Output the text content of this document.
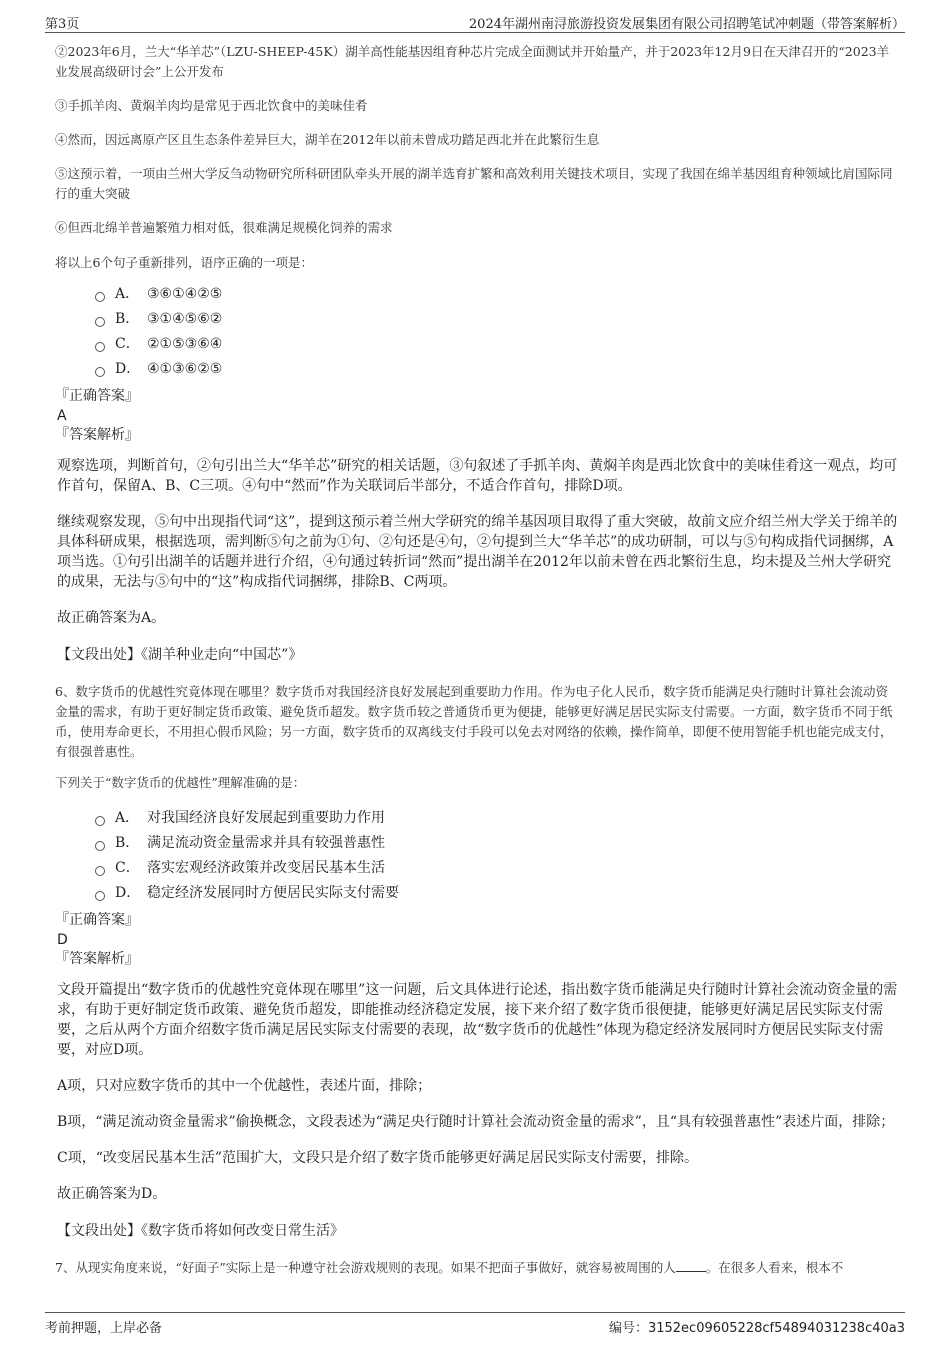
第3页	2024年湖州南浔旅游投资发展集团有限公司招聘笔试冲刺题（带答案解析）

②2023年6月，兰大“华羊芯”（LZU-SHEEP-45K）湖羊高性能基因组育种芯片完成全面测试并开始量产，并于2023年12月9日在天津召开的“2023羊业发展高级研讨会”上公开发布

③手抓羊肉、黄焖羊肉均是常见于西北饮食中的美味佳肴

④然而，因远离原产区且生态条件差异巨大，湖羊在2012年以前未曾成功踏足西北并在此繁衍生息

⑤这预示着，一项由兰州大学反刍动物研究所科研团队牵头开展的湖羊选育扩繁和高效利用关键技术项目，实现了我国在绵羊基因组育种领域比肩国际同行的重大突破

⑥但西北绵羊普遍繁殖力相对低，很难满足规模化饲养的需求

将以上6个句子重新排列，语序正确的一项是：
A． ③⑥①④②⑤
B． ③①④⑤⑥②
C． ②①⑤③⑥④
D． ④①③⑥②⑤
『正确答案』
A
『答案解析』
观察选项，判断首句，②句引出兰大“华羊芯”研究的相关话题，③句叙述了手抓羊肉、黄焖羊肉是西北饮食中的美味佳肴这一观点，均可作首句，保留A、B、C三项。④句中“然而”作为关联词后半部分，不适合作首句，排除D项。
继续观察发现，⑤句中出现指代词“这”，提到这预示着兰州大学研究的绵羊基因项目取得了重大突破，故前文应介绍兰州大学关于绵羊的具体科研成果，根据选项，需判断⑤句之前为①句、②句还是④句，②句提到兰大“华羊芯”的成功研制，可以与⑤句构成指代词捆绑，A项当选。①句引出湖羊的话题并进行介绍，④句通过转折词“然而”提出湖羊在2012年以前未曾在西北繁衍生息，均未提及兰州大学研究的成果，无法与⑤句中的“这”构成指代词捆绑，排除B、C两项。
故正确答案为A。
【文段出处】《湖羊种业走向“中国芯”》

6、数字货币的优越性究竟体现在哪里？数字货币对我国经济良好发展起到重要助力作用。作为电子化人民币，数字货币能满足央行随时计算社会流动资金量的需求，有助于更好制定货币政策、避免货币超发。数字货币较之普通货币更为便捷，能够更好满足居民实际支付需要。一方面，数字货币不同于纸币，使用寿命更长，不用担心假币风险；另一方面，数字货币的双离线支付手段可以免去对网络的依赖，操作简单，即便不使用智能手机也能完成支付，有很强普惠性。

下列关于“数字货币的优越性”理解准确的是：
A． 对我国经济良好发展起到重要助力作用
B． 满足流动资金量需求并具有较强普惠性
C． 落实宏观经济政策并改变居民基本生活
D． 稳定经济发展同时方便居民实际支付需要
『正确答案』
D
『答案解析』
文段开篇提出“数字货币的优越性究竟体现在哪里”这一问题，后文具体进行论述，指出数字货币能满足央行随时计算社会流动资金量的需求，有助于更好制定货币政策、避免货币超发，即能推动经济稳定发展，接下来介绍了数字货币很便捷，能够更好满足居民实际支付需要，之后从两个方面介绍数字货币满足居民实际支付需要的表现，故“数字货币的优越性”体现为稳定经济发展同时方便居民实际支付需要，对应D项。
A项，只对应数字货币的其中一个优越性，表述片面，排除；
B项，“满足流动资金量需求”偷换概念，文段表述为“满足央行随时计算社会流动资金量的需求”，且“具有较强普惠性”表述片面，排除；
C项，“改变居民基本生活”范围扩大，文段只是介绍了数字货币能够更好满足居民实际支付需要，排除。
故正确答案为D。
【文段出处】《数字货币将如何改变日常生活》
7、从现实角度来说，“好面子”实际上是一种遵守社会游戏规则的表现。如果不把面子事做好，就容易被周围的人 。在很多人看来，根本不
考前押题，上岸必备	编号：3152ec09605228cf54894031238c40a3
